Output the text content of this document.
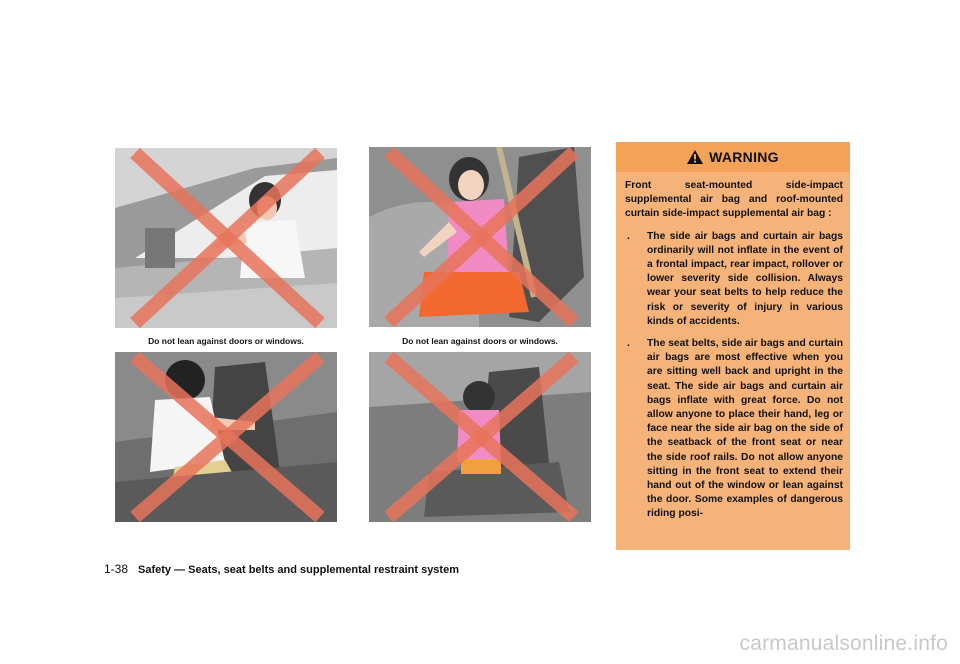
Do not lean against doors or windows.	Do not lean against doors or windows.
WARNING

Front seat-mounted side-impact supplemental air bag and roof-mounted curtain side-impact supplemental air bag :

.	The side air bags and curtain air bags ordinarily will not inflate in the event of a frontal impact, rear impact, rollover or lower severity side collision. Always wear your seat belts to help reduce the risk or severity of injury in various kinds of accidents.
.	The seat belts, side air bags and curtain air bags are most effective when you are sitting well back and upright in the seat. The side air bags and curtain air bags inflate with great force. Do not allow anyone to place their hand, leg or face near the side air bag on the side of the seatback of the front seat or near the side roof rails. Do not allow anyone sitting in the front seat to extend their hand out of the window or lean against the door. Some examples of dangerous riding posi-
1-38 Safety — Seats, seat belts and supplemental restraint system
carmanualsonline.info
